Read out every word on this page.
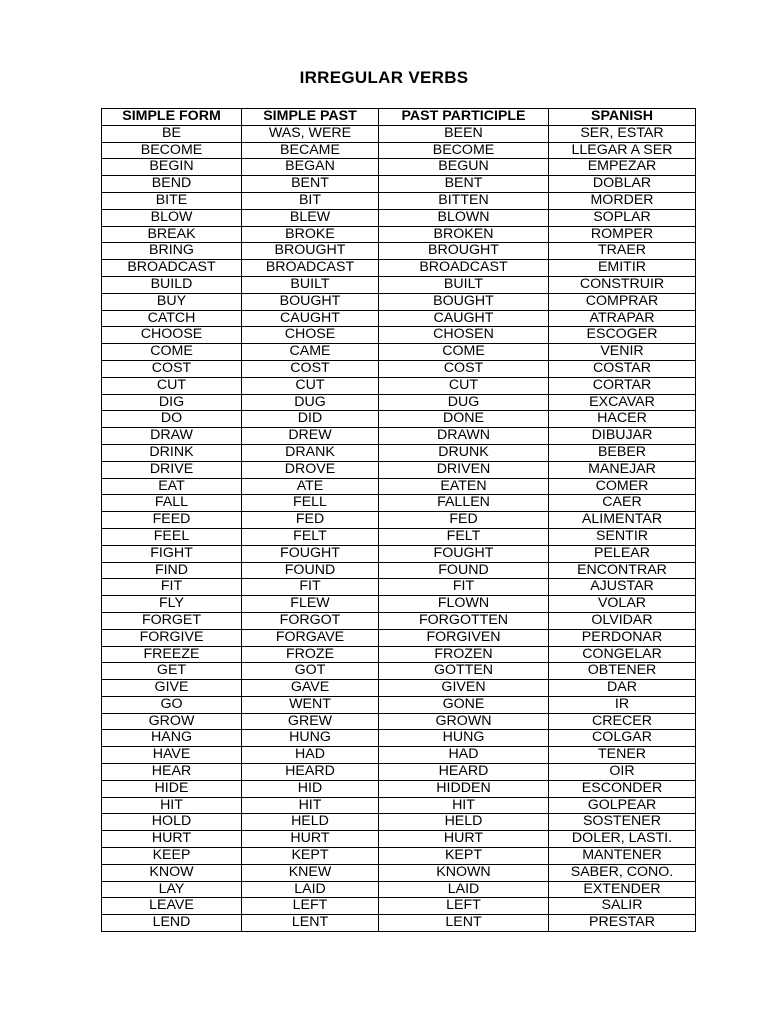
IRREGULAR VERBS
SIMPLE FORM	SIMPLE PAST	PAST PARTICIPLE	SPANISH
BE	WAS, WERE	BEEN	SER, ESTAR
BECOME	BECAME	BECOME	LLEGAR A SER
BEGIN	BEGAN	BEGUN	EMPEZAR
BEND	BENT	BENT	DOBLAR
BITE	BIT	BITTEN	MORDER
BLOW	BLEW	BLOWN	SOPLAR
BREAK	BROKE	BROKEN	ROMPER
BRING	BROUGHT	BROUGHT	TRAER
BROADCAST	BROADCAST	BROADCAST	EMITIR
BUILD	BUILT	BUILT	CONSTRUIR
BUY	BOUGHT	BOUGHT	COMPRAR
CATCH	CAUGHT	CAUGHT	ATRAPAR
CHOOSE	CHOSE	CHOSEN	ESCOGER
COME	CAME	COME	VENIR
COST	COST	COST	COSTAR
CUT	CUT	CUT	CORTAR
DIG	DUG	DUG	EXCAVAR
DO	DID	DONE	HACER
DRAW	DREW	DRAWN	DIBUJAR
DRINK	DRANK	DRUNK	BEBER
DRIVE	DROVE	DRIVEN	MANEJAR
EAT	ATE	EATEN	COMER
FALL	FELL	FALLEN	CAER
FEED	FED	FED	ALIMENTAR
FEEL	FELT	FELT	SENTIR
FIGHT	FOUGHT	FOUGHT	PELEAR
FIND	FOUND	FOUND	ENCONTRAR
FIT	FIT	FIT	AJUSTAR
FLY	FLEW	FLOWN	VOLAR
FORGET	FORGOT	FORGOTTEN	OLVIDAR
FORGIVE	FORGAVE	FORGIVEN	PERDONAR
FREEZE	FROZE	FROZEN	CONGELAR
GET	GOT	GOTTEN	OBTENER
GIVE	GAVE	GIVEN	DAR
GO	WENT	GONE	IR
GROW	GREW	GROWN	CRECER
HANG	HUNG	HUNG	COLGAR
HAVE	HAD	HAD	TENER
HEAR	HEARD	HEARD	OIR
HIDE	HID	HIDDEN	ESCONDER
HIT	HIT	HIT	GOLPEAR
HOLD	HELD	HELD	SOSTENER
HURT	HURT	HURT	DOLER, LASTI.
KEEP	KEPT	KEPT	MANTENER
KNOW	KNEW	KNOWN	SABER, CONO.
LAY	LAID	LAID	EXTENDER
LEAVE	LEFT	LEFT	SALIR
LEND	LENT	LENT	PRESTAR
